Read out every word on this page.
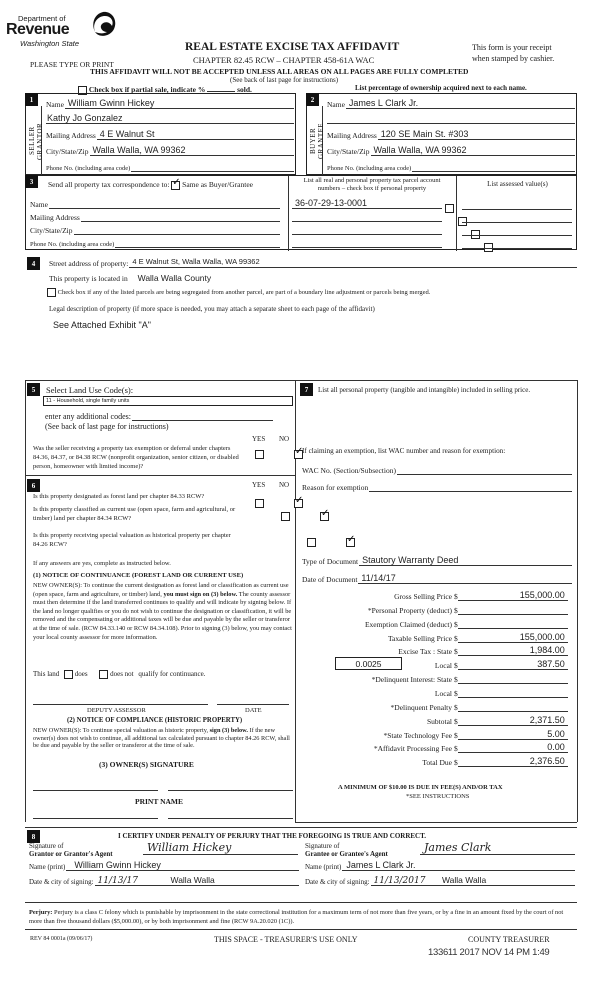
Department of
Revenue
Washington State	REAL ESTATE EXCISE TAX AFFIDAVIT
CHAPTER 82.45 RCW – CHAPTER 458-61A WAC
This form is your receipt
when stamped by cashier.
PLEASE TYPE OR PRINT
THIS AFFIDAVIT WILL NOT BE ACCEPTED UNLESS ALL AREAS ON ALL PAGES ARE FULLY COMPLETED
(See back of last page for instructions)
Check box if partial sale, indicate %	sold.	List percentage of ownership acquired next to each name.
1
SELLER
GRANTOR
Name William Gwinn Hickey
Kathy Jo Gonzalez
Mailing Address 4 E Walnut St
City/State/Zip Walla Walla, WA 99362
Phone No. (including area code)
2
BUYER
GRANTEE
Name James L Clark Jr.
Mailing Address 120 SE Main St. #303
City/State/Zip Walla Walla, WA 99362
Phone No. (including area code)
3	Send all property tax correspondence to: ✓ Same as Buyer/Grantee
Name
Mailing Address
City/State/Zip
Phone No. (including area code)
List all real and personal property tax parcel account numbers – check box if personal property
List assessed value(s)
36-07-29-13-0001

4	Street address of property: 4 E Walnut St, Walla Walla, WA 99362
This property is located in Walla Walla County
Check box if any of the listed parcels are being segregated from another parcel, are part of a boundary line adjustment or parcels being merged.
Legal description of property (if more space is needed, you may attach a separate sheet to each page of the affidavit)
See Attached Exhibit "A"
5	Select Land Use Code(s):
11 - Household, single family units
enter any additional codes:
(See back of last page for instructions)
YES NO
Was the seller receiving a property tax exemption or deferral under chapters 84.36, 84.37, or 84.38 RCW (nonprofit organization, senior citizen, or disabled person, homeowner with limited income)?
✓
6	YES NO
Is this property designated as forest land per chapter 84.33 RCW?
✓
Is this property classified as current use (open space, farm and agricultural, or timber) land per chapter 84.34 RCW?
✓
Is this property receiving special valuation as historical property per chapter 84.26 RCW?
✓
If any answers are yes, complete as instructed below.
(1) NOTICE OF CONTINUANCE (FOREST LAND OR CURRENT USE)
NEW OWNER(S): To continue the current designation as forest land or classification as current use (open space, farm and agriculture, or timber) land, you must sign on (3) below. The county assessor must then determine if the land transferred continues to qualify and will indicate by signing below. If the land no longer qualifies or you do not wish to continue the designation or classification, it will be removed and the compensating or additional taxes will be due and payable by the seller or transferor at the time of sale. (RCW 84.33.140 or RCW 84.34.108). Prior to signing (3) below, you may contact your local county assessor for more information.
This land does	does not qualify for continuance.
DEPUTY ASSESSOR	DATE
(2) NOTICE OF COMPLIANCE (HISTORIC PROPERTY)
NEW OWNER(S): To continue special valuation as historic property, sign (3) below. If the new owner(s) does not wish to continue, all additional tax calculated pursuant to chapter 84.26 RCW, shall be due and payable by the seller or transferor at the time of sale.
(3) OWNER(S) SIGNATURE
PRINT NAME
7	List all personal property (tangible and intangible) included in selling price.
If claiming an exemption, list WAC number and reason for exemption:
WAC No. (Section/Subsection)
Reason for exemption
Type of Document Stautory Warranty Deed
Date of Document 11/14/17
Gross Selling Price $	155,000.00
*Personal Property (deduct) $
Exemption Claimed (deduct) $
Taxable Selling Price $	155,000.00
Excise Tax : State $	1,984.00
0.0025	Local $	387.50
*Delinquent Interest: State $
Local $
*Delinquent Penalty $
Subtotal $	2,371.50
*State Technology Fee $	5.00
*Affidavit Processing Fee $	0.00
Total Due $	2,376.50
A MINIMUM OF $10.00 IS DUE IN FEE(S) AND/OR TAX
*SEE INSTRUCTIONS
8	I CERTIFY UNDER PENALTY OF PERJURY THAT THE FOREGOING IS TRUE AND CORRECT.
Signature of
Grantor or Grantor's Agent	William Hickey
Name (print)	William Gwinn Hickey
Date & city of signing: 11/13/17	Walla Walla
Signature of
Grantee or Grantee's Agent	James Clark
Name (print) James L Clark Jr.
Date & city of signing: 11/13/2017 Walla Walla
Perjury: Perjury is a class C felony which is punishable by imprisonment in the state correctional institution for a maximum term of not more than five years, or by a fine in an amount fixed by the court of not more than five thousand dollars ($5,000.00), or by both imprisonment and fine (RCW 9A.20.020 (1C)).
REV 84 0001a (09/06/17)	THIS SPACE - TREASURER'S USE ONLY	COUNTY TREASURER
133611 2017 NOV 14 PM 1:49
